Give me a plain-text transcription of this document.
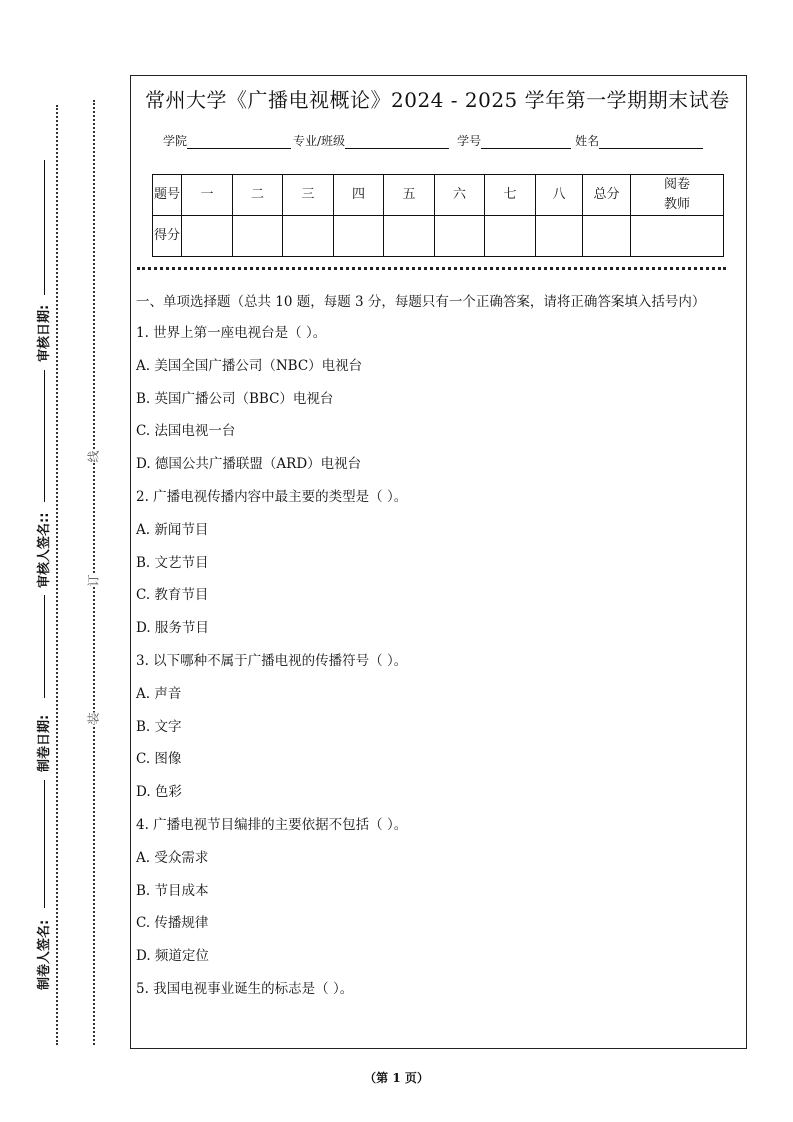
审核日期:
审核人签名::
制卷日期:
制卷人签名:
线
订
装
常州大学《广播电视概论》2024 - 2025 学年第一学期期末试卷
学院	专业/班级	学号	姓名
题号	一	二	三	四	五	六	七	八	总分	阅卷教师
得分										
一、单项选择题（总共 10 题，每题 3 分，每题只有一个正确答案，请将正确答案填入括号内）
1. 世界上第一座电视台是（ ）。
A. 美国全国广播公司（NBC）电视台
B. 英国广播公司（BBC）电视台
C. 法国电视一台
D. 德国公共广播联盟（ARD）电视台
2. 广播电视传播内容中最主要的类型是（ ）。
A. 新闻节目
B. 文艺节目
C. 教育节目
D. 服务节目
3. 以下哪种不属于广播电视的传播符号（ ）。
A. 声音
B. 文字
C. 图像
D. 色彩
4. 广播电视节目编排的主要依据不包括（ ）。
A. 受众需求
B. 节目成本
C. 传播规律
D. 频道定位
5. 我国电视事业诞生的标志是（ ）。
（第 1 页）
